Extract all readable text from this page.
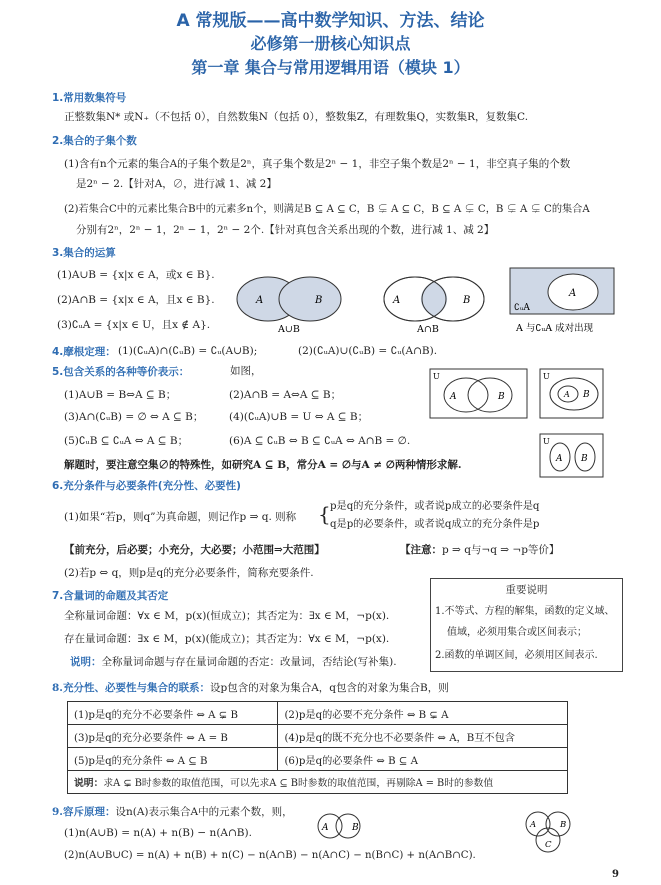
A 常规版——高中数学知识、方法、结论
必修第一册核心知识点
第一章 集合与常用逻辑用语（模块 1）
1.常用数集符号
正整数集N* 或N₊（不包括 0），自然数集N（包括 0），整数集Z，有理数集Q，实数集R，复数集C.
2.集合的子集个数
(1)含有n个元素的集合A的子集个数是2ⁿ，真子集个数是2ⁿ − 1，非空子集个数是2ⁿ − 1，非空真子集的个数
是2ⁿ − 2.【针对A，∅，进行减 1、减 2】
(2)若集合C中的元素比集合B中的元素多n个，则满足B ⊆ A ⊆ C，B ⊊ A ⊆ C，B ⊆ A ⊊ C，B ⊊ A ⊊ C的集合A
分别有2ⁿ，2ⁿ − 1，2ⁿ − 1，2ⁿ − 2个.【针对真包含关系出现的个数，进行减 1、减 2】
3.集合的运算
(1)A∪B = {x|x ∈ A，或x ∈ B}.
(2)A∩B = {x|x ∈ A，且x ∈ B}.
(3)∁ᵤA = {x|x ∈ U，且x ∉ A}.
A	B
A∪B
A	B
A∩B
A
∁ᵤA
A 与∁ᵤA 成对出现
4.摩根定理： (1)(∁ᵤA)∩(∁ᵤB) = ∁ᵤ(A∪B);	(2)(∁ᵤA)∪(∁ᵤB) = ∁ᵤ(A∩B).
5.包含关系的各种等价表示：	如图，
(1)A∪B = B⇔A ⊆ B；	(2)A∩B = A⇔A ⊆ B；
(3)A∩(∁ᵤB) = ∅ ⇔ A ⊆ B； (4)(∁ᵤA)∪B = U ⇔ A ⊆ B；
(5)∁ᵤB ⊆ ∁ᵤA ⇔ A ⊆ B；	(6)A ⊆ ∁ᵤB ⇔ B ⊆ ∁ᵤA ⇔ A∩B = ∅.
解题时，要注意空集∅的特殊性，如研究A ⊆ B，常分A = ∅与A ≠ ∅两种情形求解.
U
A	B
U
A B
U
A B
6.充分条件与必要条件(充分性、必要性)
(1)如果“若p，则q”为真命题，则记作p ⇒ q. 则称 { p是q的充分条件，或者说p成立的必要条件是q
q是p的必要条件，或者说q成立的充分条件是p
【前充分，后必要；小充分，大必要；小范围⇒大范围】	【注意：p ⇒ q与¬q ⇒ ¬p等价】
(2)若p ⇔ q，则p是q的充分必要条件，简称充要条件.
7.含量词的命题及其否定
全称量词命题：∀x ∈ M，p(x)(恒成立)；其否定为：∃x ∈ M，¬p(x).
存在量词命题：∃x ∈ M，p(x)(能成立)；其否定为：∀x ∈ M，¬p(x).
说明：全称量词命题与存在量词命题的否定：改量词，否结论(写补集).
重要说明
1.不等式、方程的解集，函数的定义域、
值域，必须用集合或区间表示；
2.函数的单调区间，必须用区间表示.
8.充分性、必要性与集合的联系：设p包含的对象为集合A，q包含的对象为集合B，则
(1)p是q的充分不必要条件 ⇔ A ⊊ B	(2)p是q的必要不充分条件 ⇔ B ⊊ A
(3)p是q的充分必要条件 ⇔ A = B	(4)p是q的既不充分也不必要条件 ⇔ A，B互不包含
(5)p是q的充分条件 ⇔ A ⊆ B	(6)p是q的必要条件 ⇔ B ⊆ A
说明：求A ⊊ B时参数的取值范围，可以先求A ⊆ B时参数的取值范围，再剔除A = B时的参数值	
9.容斥原理：设n(A)表示集合A中的元素个数，则，
(1)n(A∪B) = n(A) + n(B) − n(A∩B).
(2)n(A∪B∪C) = n(A) + n(B) + n(C) − n(A∩B) − n(A∩C) − n(B∩C) + n(A∩B∩C).
A	B	A	B
C
9
